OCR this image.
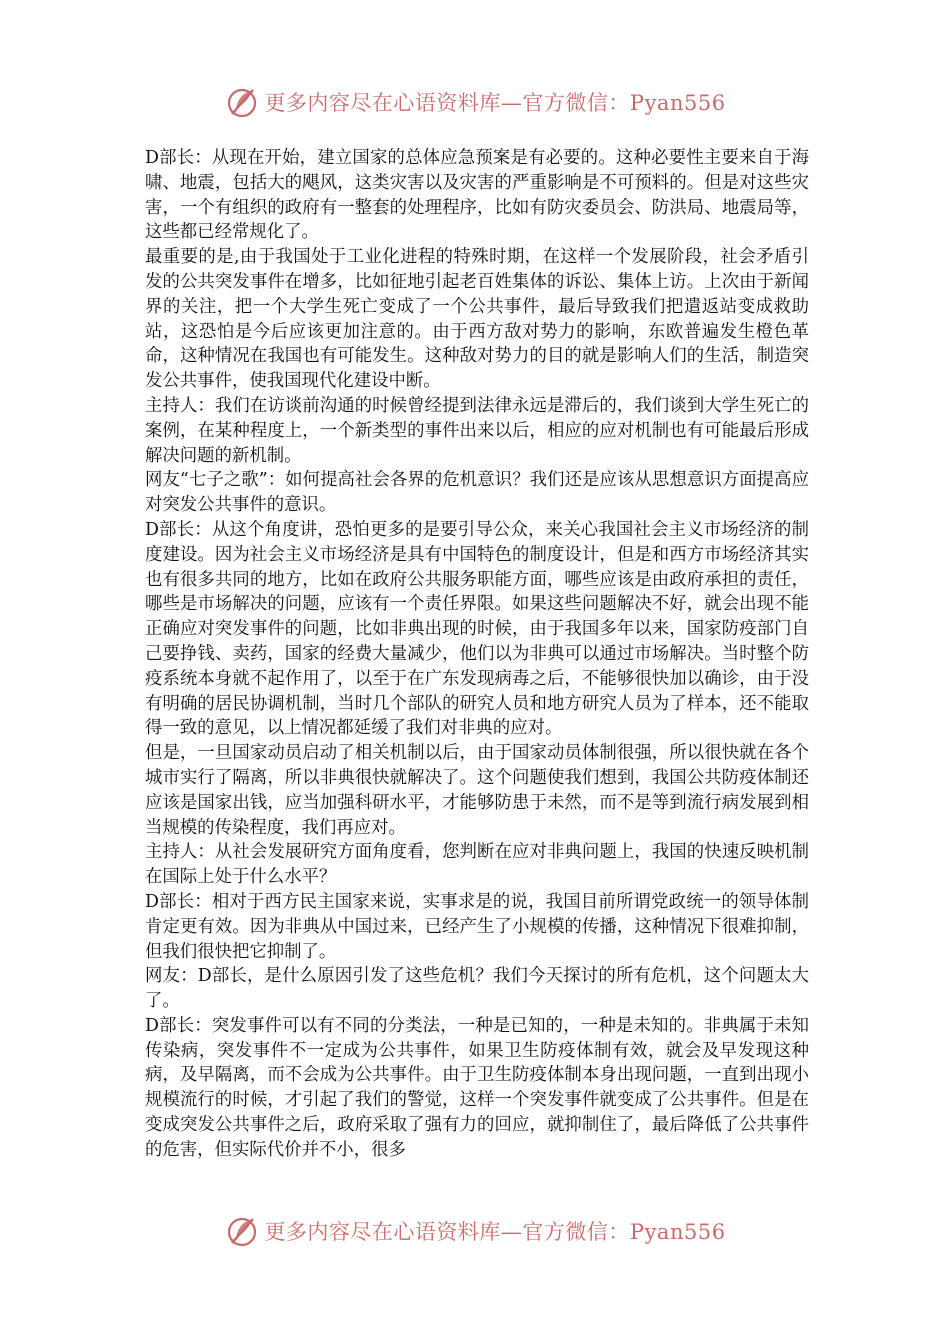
更多内容尽在心语资料库—官方微信：Pyan556

D部长：从现在开始，建立国家的总体应急预案是有必要的。这种必要性主要来自于海啸、地震，包括大的飓风，这类灾害以及灾害的严重影响是不可预料的。但是对这些灾害，一个有组织的政府有一整套的处理程序，比如有防灾委员会、防洪局、地震局等，这些都已经常规化了。

最重要的是,由于我国处于工业化进程的特殊时期，在这样一个发展阶段，社会矛盾引发的公共突发事件在增多，比如征地引起老百姓集体的诉讼、集体上访。上次由于新闻界的关注，把一个大学生死亡变成了一个公共事件，最后导致我们把遣返站变成救助站，这恐怕是今后应该更加注意的。由于西方敌对势力的影响，东欧普遍发生橙色革命，这种情况在我国也有可能发生。这种敌对势力的目的就是影响人们的生活，制造突发公共事件，使我国现代化建设中断。

主持人：我们在访谈前沟通的时候曾经提到法律永远是滞后的，我们谈到大学生死亡的案例，在某种程度上，一个新类型的事件出来以后，相应的应对机制也有可能最后形成解决问题的新机制。

网友“七子之歌”：如何提高社会各界的危机意识？我们还是应该从思想意识方面提高应对突发公共事件的意识。

D部长：从这个角度讲，恐怕更多的是要引导公众，来关心我国社会主义市场经济的制度建设。因为社会主义市场经济是具有中国特色的制度设计，但是和西方市场经济其实也有很多共同的地方，比如在政府公共服务职能方面，哪些应该是由政府承担的责任，哪些是市场解决的问题，应该有一个责任界限。如果这些问题解决不好，就会出现不能正确应对突发事件的问题，比如非典出现的时候，由于我国多年以来，国家防疫部门自己要挣钱、卖药，国家的经费大量减少，他们以为非典可以通过市场解决。当时整个防疫系统本身就不起作用了，以至于在广东发现病毒之后，不能够很快加以确诊，由于没有明确的居民协调机制，当时几个部队的研究人员和地方研究人员为了样本，还不能取得一致的意见，以上情况都延缓了我们对非典的应对。

但是，一旦国家动员启动了相关机制以后，由于国家动员体制很强，所以很快就在各个城市实行了隔离，所以非典很快就解决了。这个问题使我们想到，我国公共防疫体制还应该是国家出钱，应当加强科研水平，才能够防患于未然，而不是等到流行病发展到相当规模的传染程度，我们再应对。

主持人：从社会发展研究方面角度看，您判断在应对非典问题上，我国的快速反映机制在国际上处于什么水平？

D部长：相对于西方民主国家来说，实事求是的说，我国目前所谓党政统一的领导体制肯定更有效。因为非典从中国过来，已经产生了小规模的传播，这种情况下很难抑制，但我们很快把它抑制了。

网友：D部长，是什么原因引发了这些危机？我们今天探讨的所有危机，这个问题太大了。

D部长：突发事件可以有不同的分类法，一种是已知的，一种是未知的。非典属于未知传染病，突发事件不一定成为公共事件，如果卫生防疫体制有效，就会及早发现这种病，及早隔离，而不会成为公共事件。由于卫生防疫体制本身出现问题，一直到出现小规模流行的时候，才引起了我们的警觉，这样一个突发事件就变成了公共事件。但是在变成突发公共事件之后，政府采取了强有力的回应，就抑制住了，最后降低了公共事件的危害，但实际代价并不小，很多

更多内容尽在心语资料库—官方微信：Pyan556
